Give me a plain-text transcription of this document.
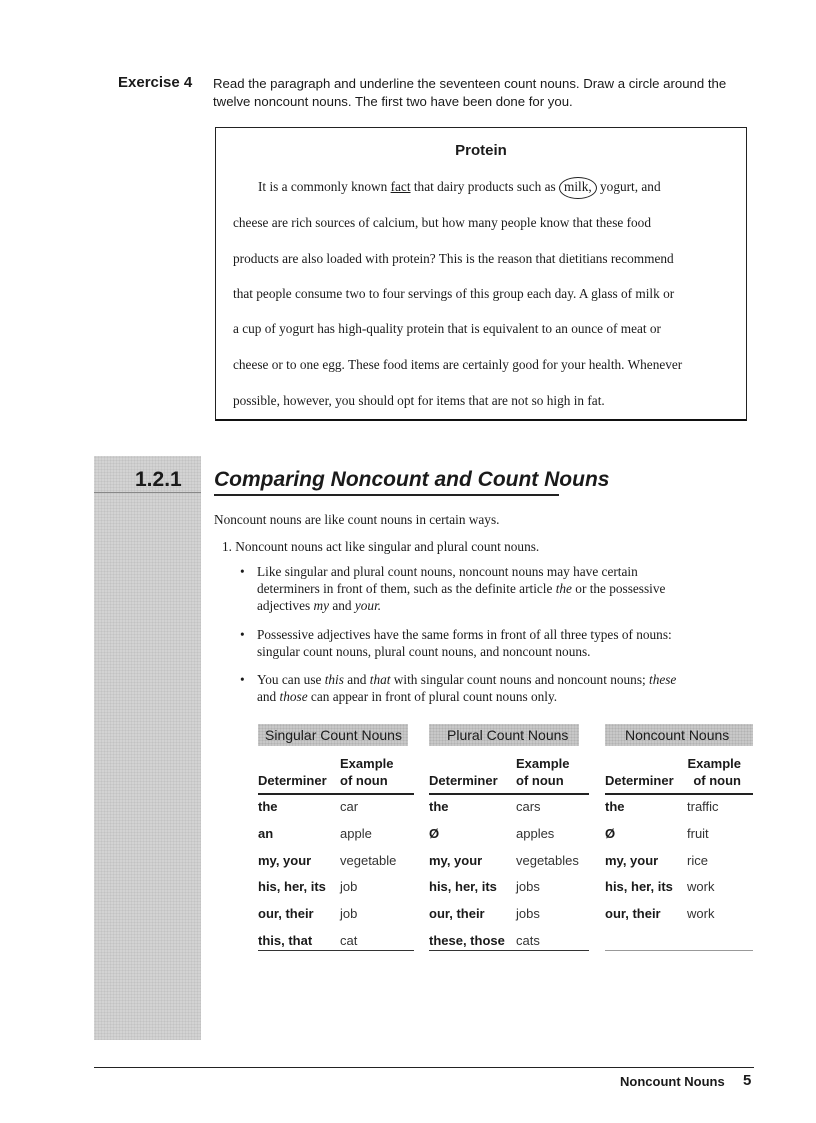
Exercise 4 Read the paragraph and underline the seventeen count nouns. Draw a circle around the
twelve noncount nouns. The first two have been done for you.
Protein
It is a commonly known fact that dairy products such as milk, yogurt, and
cheese are rich sources of calcium, but how many people know that these food
products are also loaded with protein? This is the reason that dietitians recommend
that people consume two to four servings of this group each day. A glass of milk or
a cup of yogurt has high-quality protein that is equivalent to an ounce of meat or
cheese or to one egg. These food items are certainly good for your health. Whenever
possible, however, you should opt for items that are not so high in fat.
1.2.1 Comparing Noncount and Count Nouns
Noncount nouns are like count nouns in certain ways.
1. Noncount nouns act like singular and plural count nouns.
• Like singular and plural count nouns, noncount nouns may have certain
determiners in front of them, such as the definite article the or the possessive
adjectives my and your.
• Possessive adjectives have the same forms in front of all three types of nouns:
singular count nouns, plural count nouns, and noncount nouns.
• You can use this and that with singular count nouns and noncount nouns; these
and those can appear in front of plural count nouns only.
Singular Count Nouns
Determiner
Example
of noun
the	car
an	apple
my, your vegetable
his, her, its job
our, their job
this, that cat
Plural Count Nouns
Determiner
Example
of noun
the	cars
Ø	apples
my, your	vegetables
his, her, its jobs
our, their jobs
these, those cats
Noncount Nouns
Determiner
Example
of noun
the	traffic
Ø	fruit
my, your rice
his, her, its work
our, their work
Noncount Nouns 5
